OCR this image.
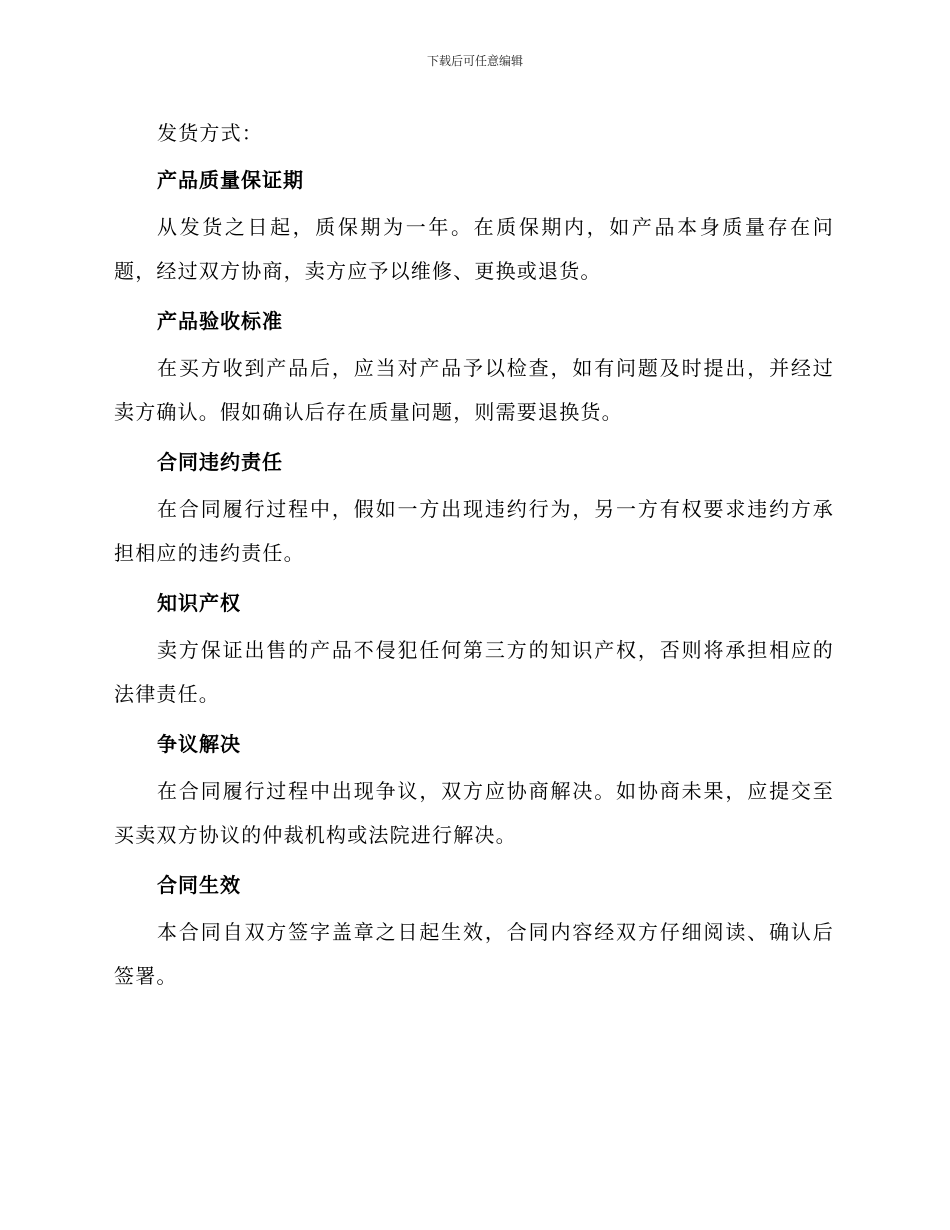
下载后可任意编辑

发货方式：

产品质量保证期

从发货之日起，质保期为一年。在质保期内，如产品本身质量存在问题，经过双方协商，卖方应予以维修、更换或退货。

产品验收标准

在买方收到产品后，应当对产品予以检查，如有问题及时提出，并经过卖方确认。假如确认后存在质量问题，则需要退换货。

合同违约责任

在合同履行过程中，假如一方出现违约行为，另一方有权要求违约方承担相应的违约责任。

知识产权

卖方保证出售的产品不侵犯任何第三方的知识产权，否则将承担相应的法律责任。

争议解决

在合同履行过程中出现争议，双方应协商解决。如协商未果，应提交至买卖双方协议的仲裁机构或法院进行解决。

合同生效

本合同自双方签字盖章之日起生效，合同内容经双方仔细阅读、确认后签署。
